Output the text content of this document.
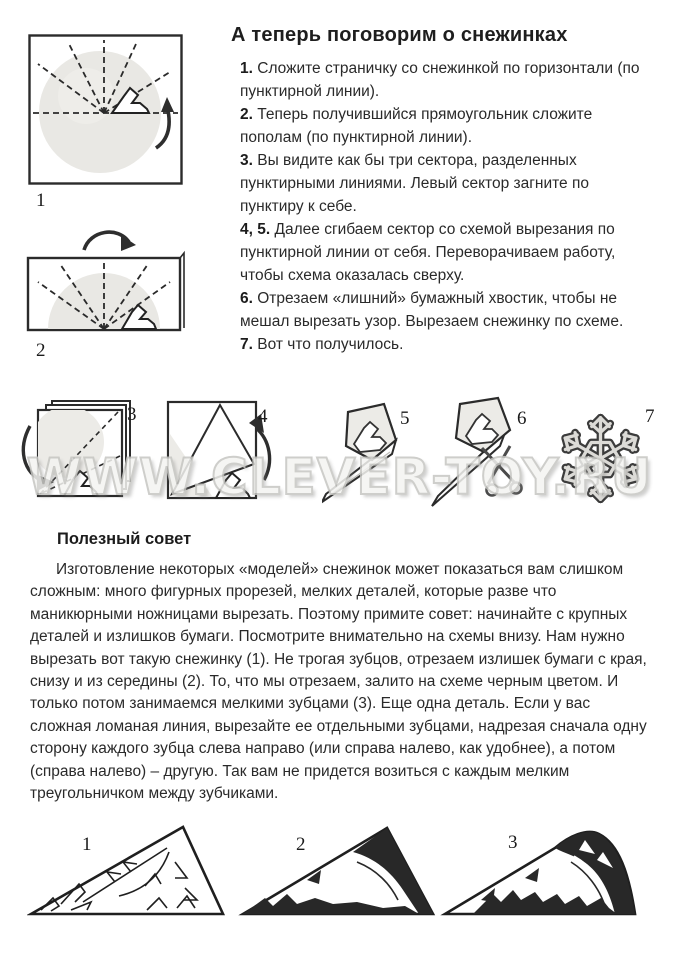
А теперь поговорим о снежинках
1
2

1. Сложите страничку со снежинкой по горизонтали (по пунктирной линии).

2. Теперь получившийся прямоугольник сложите пополам (по пунктирной линии).

3. Вы видите как бы три сектора, разделенных пунктирными линиями. Левый сектор загните по пунктиру к себе.

4, 5. Далее сгибаем сектор со схемой вырезания по пунктирной линии от себя. Переворачиваем работу, чтобы схема оказалась сверху.

6. Отрезаем «лишний» бумажный хвостик, чтобы не мешал вырезать узор. Вырезаем снежинку по схеме.

7. Вот что получилось.

3	4	5	6	7
WWW.CLEVER-TOY.RU
Полезный совет

Изготовление некоторых «моделей» снежинок может показаться вам слишком сложным: много фигурных прорезей, мелких деталей, которые разве что маникюрными ножницами вырезать. Поэтому примите совет: начинайте с крупных деталей и излишков бумаги. Посмотрите внимательно на схемы внизу. Нам нужно вырезать вот такую снежинку (1). Не трогая зубцов, отрезаем излишек бумаги с края, снизу и из середины (2). То, что мы отрезаем, залито на схеме черным цветом. И только потом занимаемся мелкими зубцами (3). Еще одна деталь. Если у вас сложная ломаная линия, вырезайте ее отдельными зубцами, надрезая сначала одну сторону каждого зубца слева направо (или справа налево, как удобнее), а потом (справа налево) – другую. Так вам не придется возиться с каждым мелким треугольничком между зубчиками.

1	2	3
